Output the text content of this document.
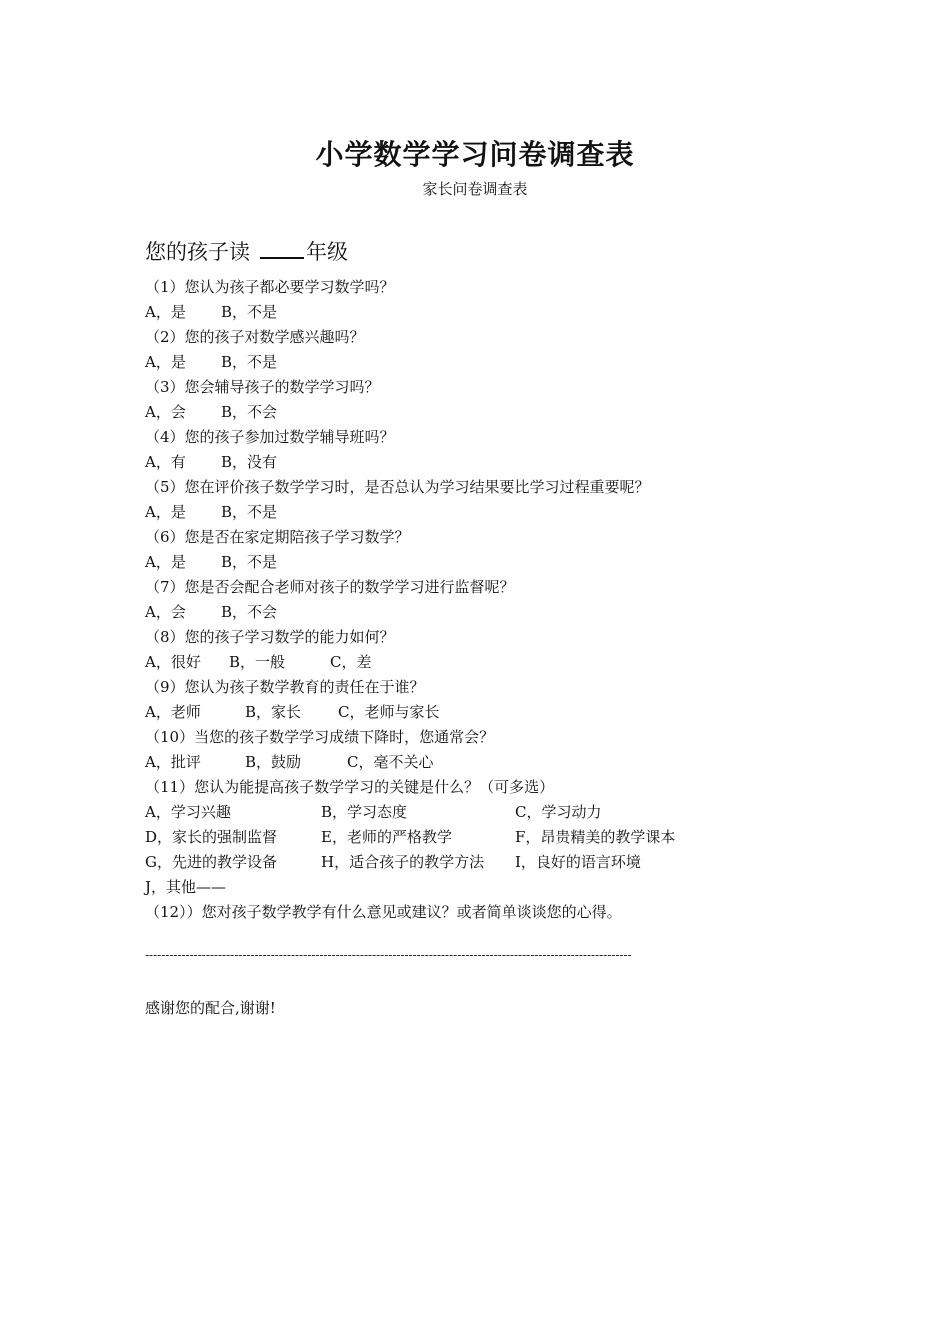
小学数学学习问卷调查表
家长问卷调查表
您的孩子读	年级
（1）您认为孩子都必要学习数学吗？
A，是 B，不是
（2）您的孩子对数学感兴趣吗？
A，是 B，不是
（3）您会辅导孩子的数学学习吗？
A，会 B，不会
（4）您的孩子参加过数学辅导班吗？
A，有 B，没有
（5）您在评价孩子数学学习时，是否总认为学习结果要比学习过程重要呢？
A，是 B，不是
（6）您是否在家定期陪孩子学习数学？
A，是 B，不是
（7）您是否会配合老师对孩子的数学学习进行监督呢？
A，会 B，不会
（8）您的孩子学习数学的能力如何？
A，很好 B，一般	C，差
（9）您认为孩子数学教育的责任在于谁？
A，老师	B，家长 C，老师与家长
（10）当您的孩子数学学习成绩下降时，您通常会？
A，批评	B，鼓励	C，毫不关心
（11）您认为能提高孩子数学学习的关键是什么？（可多选）
A，学习兴趣	B，学习态度	C，学习动力
D，家长的强制监督	E，老师的严格教学	F，昂贵精美的教学课本
G，先进的教学设备	H，适合孩子的教学方法 I，良好的语言环境
J，其他——
（12））您对孩子数学教学有什么意见或建议？或者简单谈谈您的心得。
------------------------------------------------------------------------------------------------------------------------
感谢您的配合,谢谢!
